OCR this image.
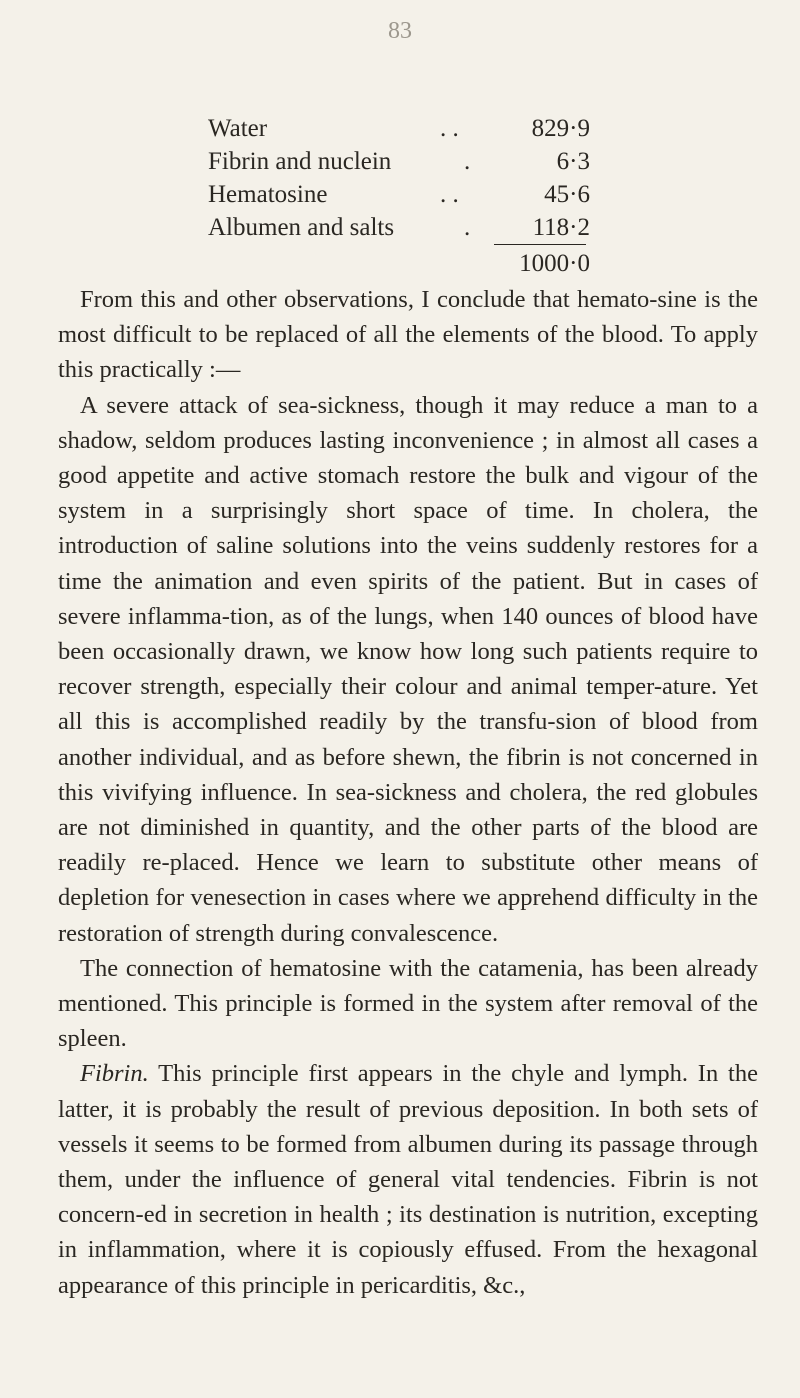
83
Water	. .	829·9
Fibrin and nuclein	.	6·3
Hematosine	. .	45·6
Albumen and salts	.	118·2
1000·0

From this and other observations, I conclude that hemato-sine is the most difficult to be replaced of all the elements of the blood. To apply this practically :—

A severe attack of sea-sickness, though it may reduce a man to a shadow, seldom produces lasting inconvenience ; in almost all cases a good appetite and active stomach restore the bulk and vigour of the system in a surprisingly short space of time. In cholera, the introduction of saline solutions into the veins suddenly restores for a time the animation and even spirits of the patient. But in cases of severe inflamma-tion, as of the lungs, when 140 ounces of blood have been occasionally drawn, we know how long such patients require to recover strength, especially their colour and animal temper-ature. Yet all this is accomplished readily by the transfu-sion of blood from another individual, and as before shewn, the fibrin is not concerned in this vivifying influence. In sea-sickness and cholera, the red globules are not diminished in quantity, and the other parts of the blood are readily re-placed. Hence we learn to substitute other means of depletion for venesection in cases where we apprehend difficulty in the restoration of strength during convalescence.

The connection of hematosine with the catamenia, has been already mentioned. This principle is formed in the system after removal of the spleen.

Fibrin. This principle first appears in the chyle and lymph. In the latter, it is probably the result of previous deposition. In both sets of vessels it seems to be formed from albumen during its passage through them, under the influence of general vital tendencies. Fibrin is not concern-ed in secretion in health ; its destination is nutrition, excepting in inflammation, where it is copiously effused. From the hexagonal appearance of this principle in pericarditis, &c.,
